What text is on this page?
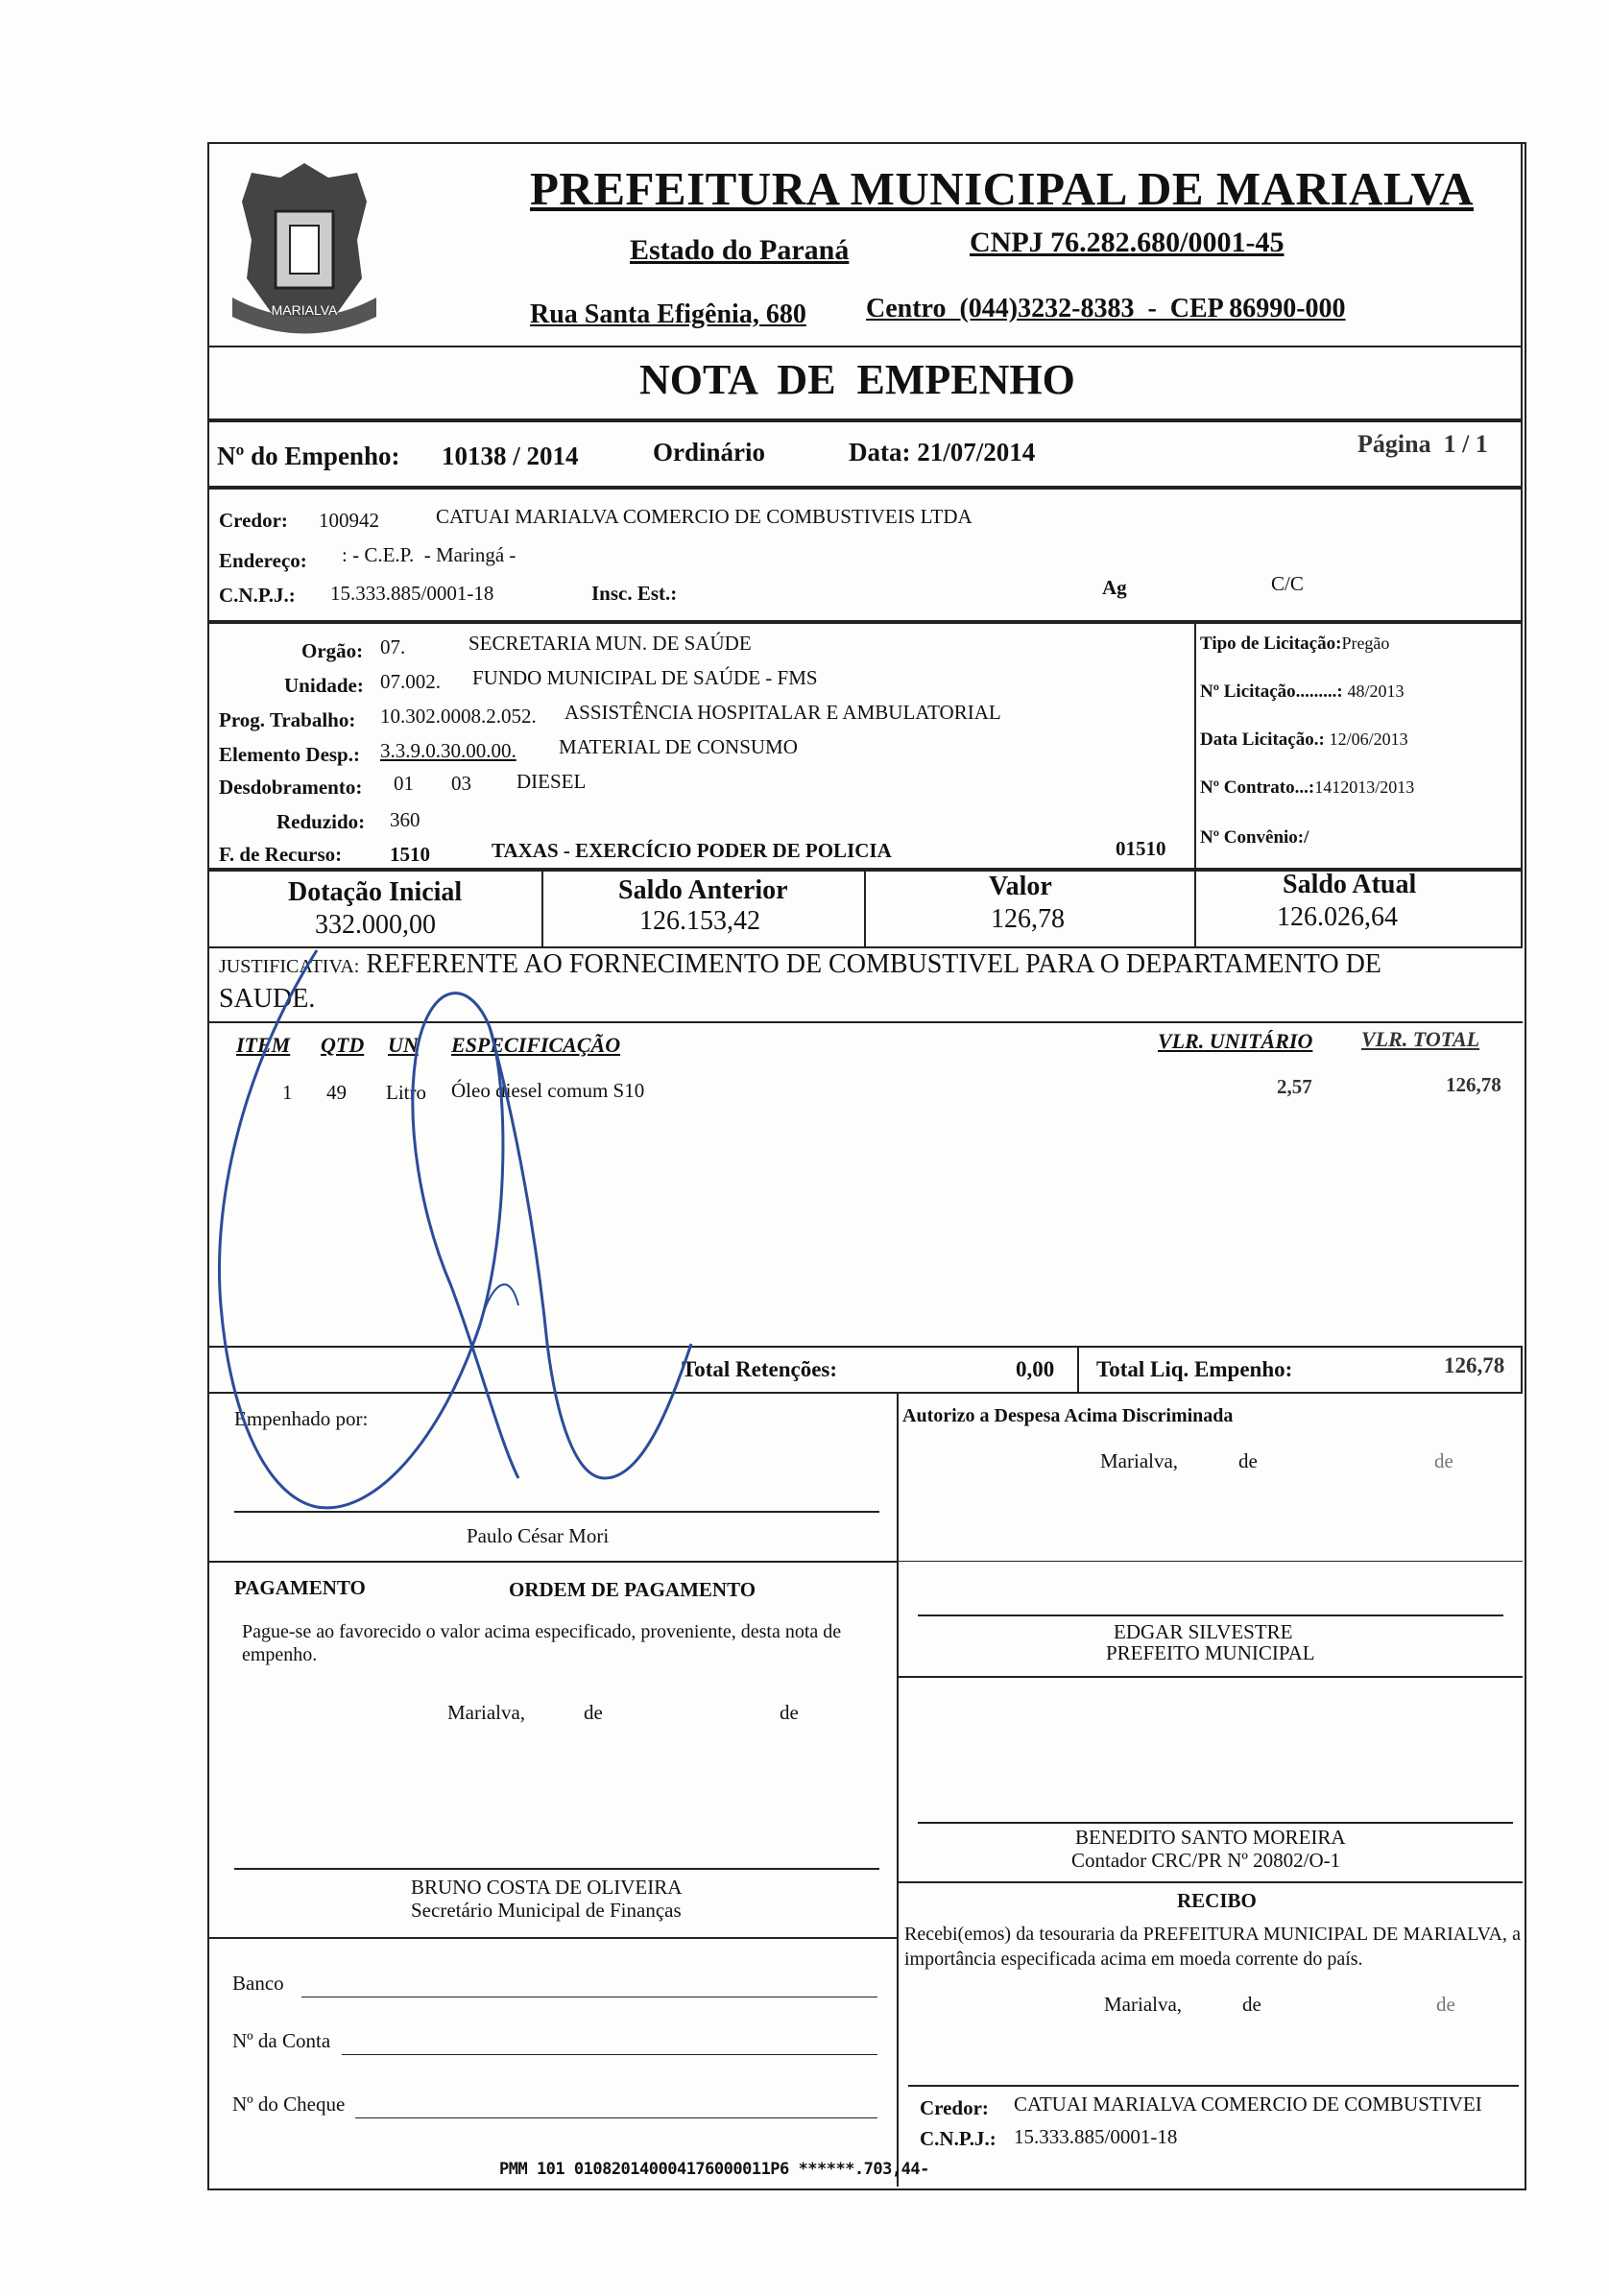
MARIALVA
PREFEITURA MUNICIPAL DE MARIALVA
Estado do Paraná	CNPJ 76.282.680/0001-45
Rua Santa Efigênia, 680 Centro  (044)3232-8383  -  CEP 86990-000
NOTA  DE  EMPENHO
Nº do Empenho: 10138 / 2014	Ordinário	Data: 21/07/2014	Página  1 / 1
Credor: 100942	CATUAI MARIALVA COMERCIO DE COMBUSTIVEIS LTDA
Endereço: : - C.E.P.  - Maringá -
C.N.P.J.: 15.333.885/0001-18	Insc. Est.:	Ag	C/C
Orgão: 07.	SECRETARIA MUN. DE SAÚDE
Unidade: 07.002. FUNDO MUNICIPAL DE SAÚDE - FMS
Prog. Trabalho: 10.302.0008.2.052. ASSISTÊNCIA HOSPITALAR E AMBULATORIAL
Elemento Desp.: 3.3.9.0.30.00.00. MATERIAL DE CONSUMO
Desdobramento: 01 03 DIESEL
Reduzido: 360
F. de Recurso: 1510	TAXAS - EXERCÍCIO PODER DE POLICIA	01510
Tipo de Licitação:Pregão
Nº Licitação.........: 48/2013
Data Licitação.: 12/06/2013
Nº Contrato...:1412013/2013
Nº Convênio:/
Dotação Inicial
332.000,00
Saldo Anterior
126.153,42
Valor
126,78
Saldo Atual
126.026,64
JUSTIFICATIVA: REFERENTE AO FORNECIMENTO DE COMBUSTIVEL PARA O DEPARTAMENTO DE
SAUDE.
ITEM QTD UN ESPECIFICAÇÃO	VLR. UNITÁRIO VLR. TOTAL
1 49 Litro Óleo diesel comum S10	2,57	126,78
Total Retenções:	0,00 Total Liq. Empenho:	126,78
Empenhado por:
Paulo César Mori
Autorizo a Despesa Acima Discriminada
Marialva,	de	de
EDGAR SILVESTRE
PREFEITO MUNICIPAL
PAGAMENTO	ORDEM DE PAGAMENTO
Pague-se ao favorecido o valor acima especificado, proveniente, desta nota de empenho.
Marialva,	de	de
BRUNO COSTA DE OLIVEIRA
Secretário Municipal de Finanças
Banco
Nº da Conta
Nº do Cheque
BENEDITO SANTO MOREIRA
Contador CRC/PR Nº 20802/O-1
RECIBO
Recebi(emos) da tesouraria da PREFEITURA MUNICIPAL DE MARIALVA, a importância especificada acima em moeda corrente do país.
Marialva,	de	de
Credor: CATUAI MARIALVA COMERCIO DE COMBUSTIVEI
C.N.P.J.: 15.333.885/0001-18
PMM 101 010820140004176000011P6 ******.703,44-
